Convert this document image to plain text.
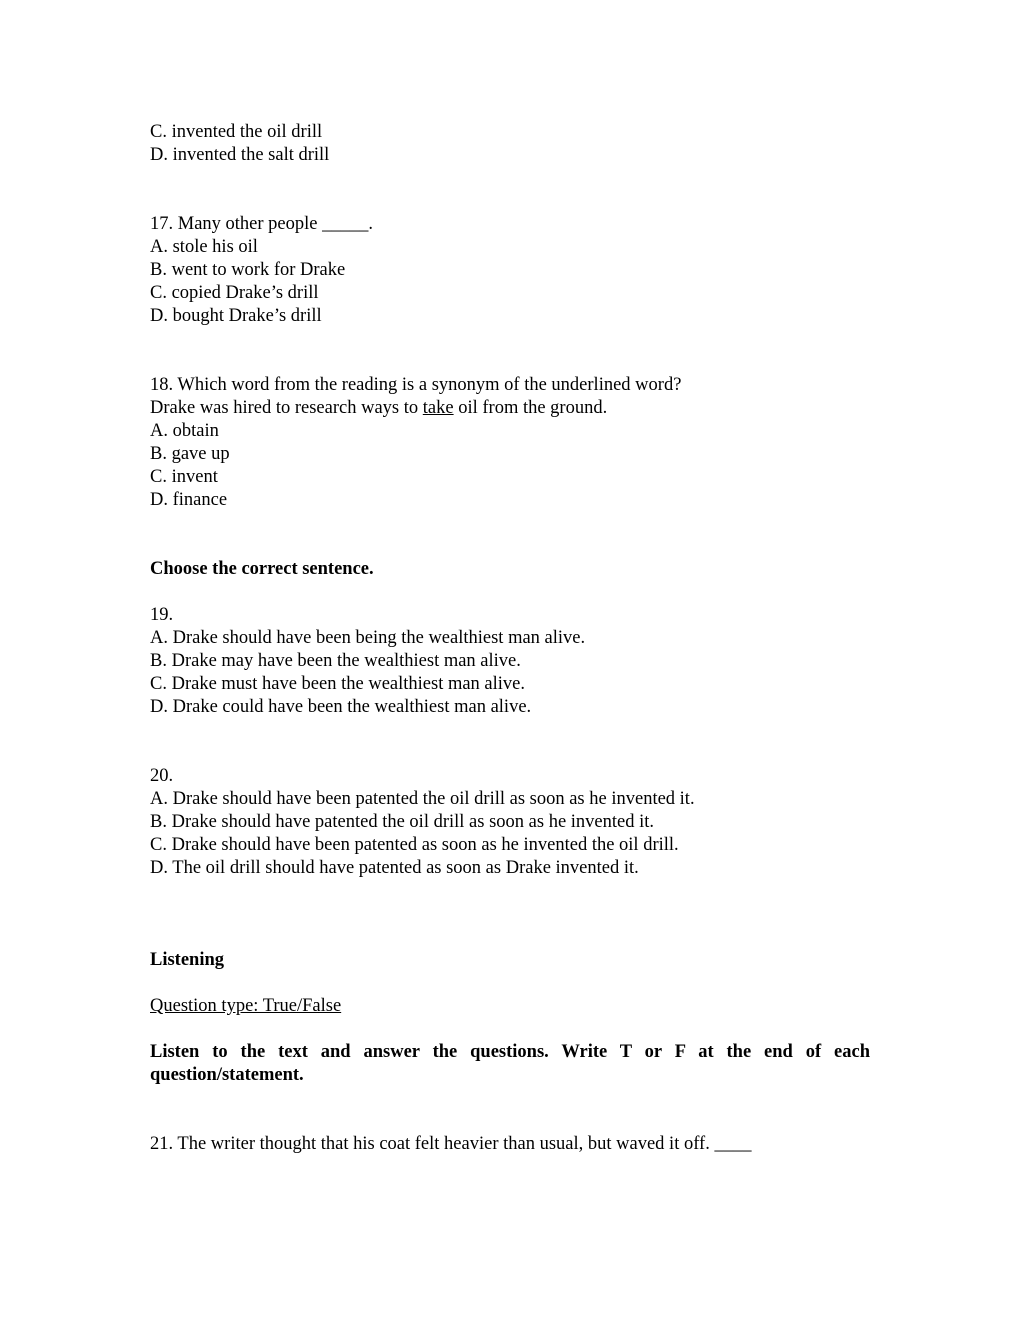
C. invented the oil drill
D. invented the salt drill
17. Many other people _____.
A. stole his oil
B. went to work for Drake
C. copied Drake’s drill
D. bought Drake’s drill
18. Which word from the reading is a synonym of the underlined word?
Drake was hired to research ways to take oil from the ground.
A. obtain
B. gave up
C. invent
D. finance
Choose the correct sentence.
19.
A. Drake should have been being the wealthiest man alive.
B. Drake may have been the wealthiest man alive.
C. Drake must have been the wealthiest man alive.
D. Drake could have been the wealthiest man alive.
20.
A. Drake should have been patented the oil drill as soon as he invented it.
B. Drake should have patented the oil drill as soon as he invented it.
C. Drake should have been patented as soon as he invented the oil drill.
D. The oil drill should have patented as soon as Drake invented it.
Listening
Question type: True/False
Listen to the text and answer the questions. Write T or F at the end of each
question/statement.
21. The writer thought that his coat felt heavier than usual, but waved it off. ____
